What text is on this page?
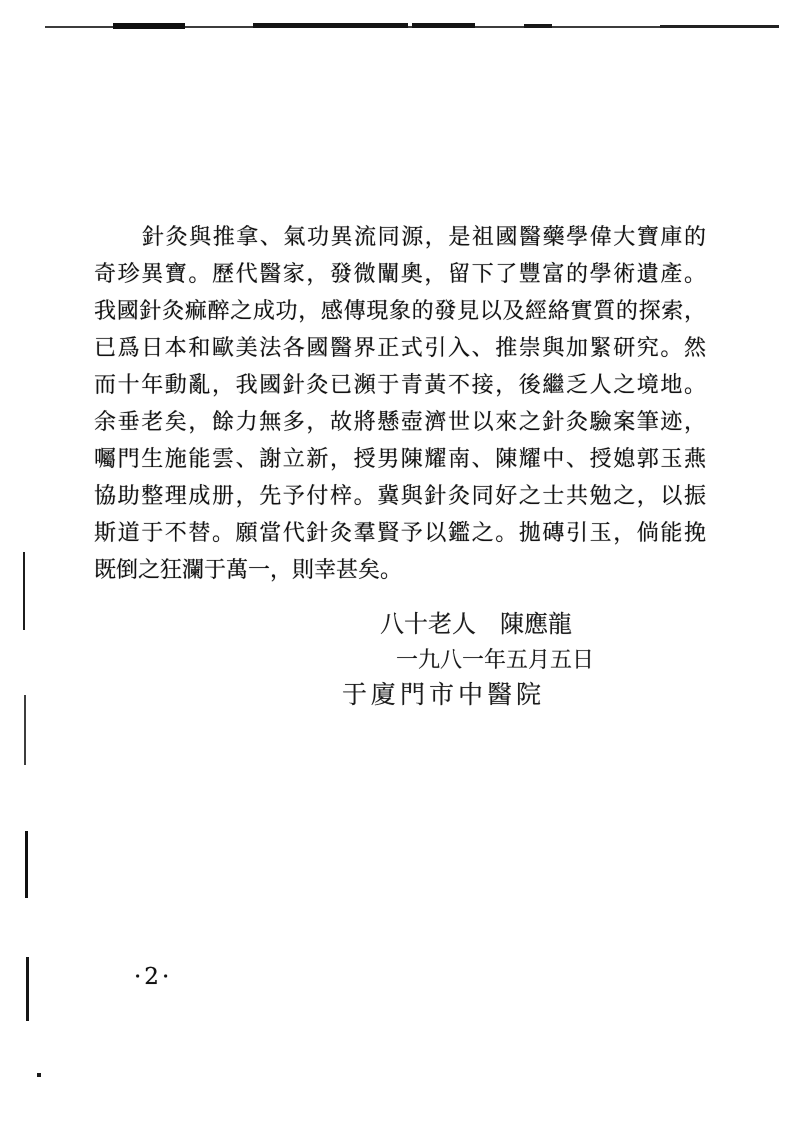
針灸與推拿、氣功異流同源，是祖國醫藥學偉大寶庫的
奇珍異寶。歷代醫家，發微闡奧，留下了豐富的學術遺產。
我國針灸痲醉之成功，感傳現象的發見以及經絡實質的探索，
已爲日本和歐美法各國醫界正式引入、推崇與加緊研究。然
而十年動亂，我國針灸已瀕于青黃不接，後繼乏人之境地。
余垂老矣，餘力無多，故將懸壺濟世以來之針灸驗案筆迹，
囑門生施能雲、謝立新，授男陳耀南、陳耀中、授媳郭玉燕
協助整理成册，先予付梓。冀與針灸同好之士共勉之，以振
斯道于不替。願當代針灸羣賢予以鑑之。拋磚引玉，倘能挽
既倒之狂瀾于萬一，則幸甚矣。
八十老人　陳應龍
一九八一年五月五日
于廈門市中醫院
·2·
